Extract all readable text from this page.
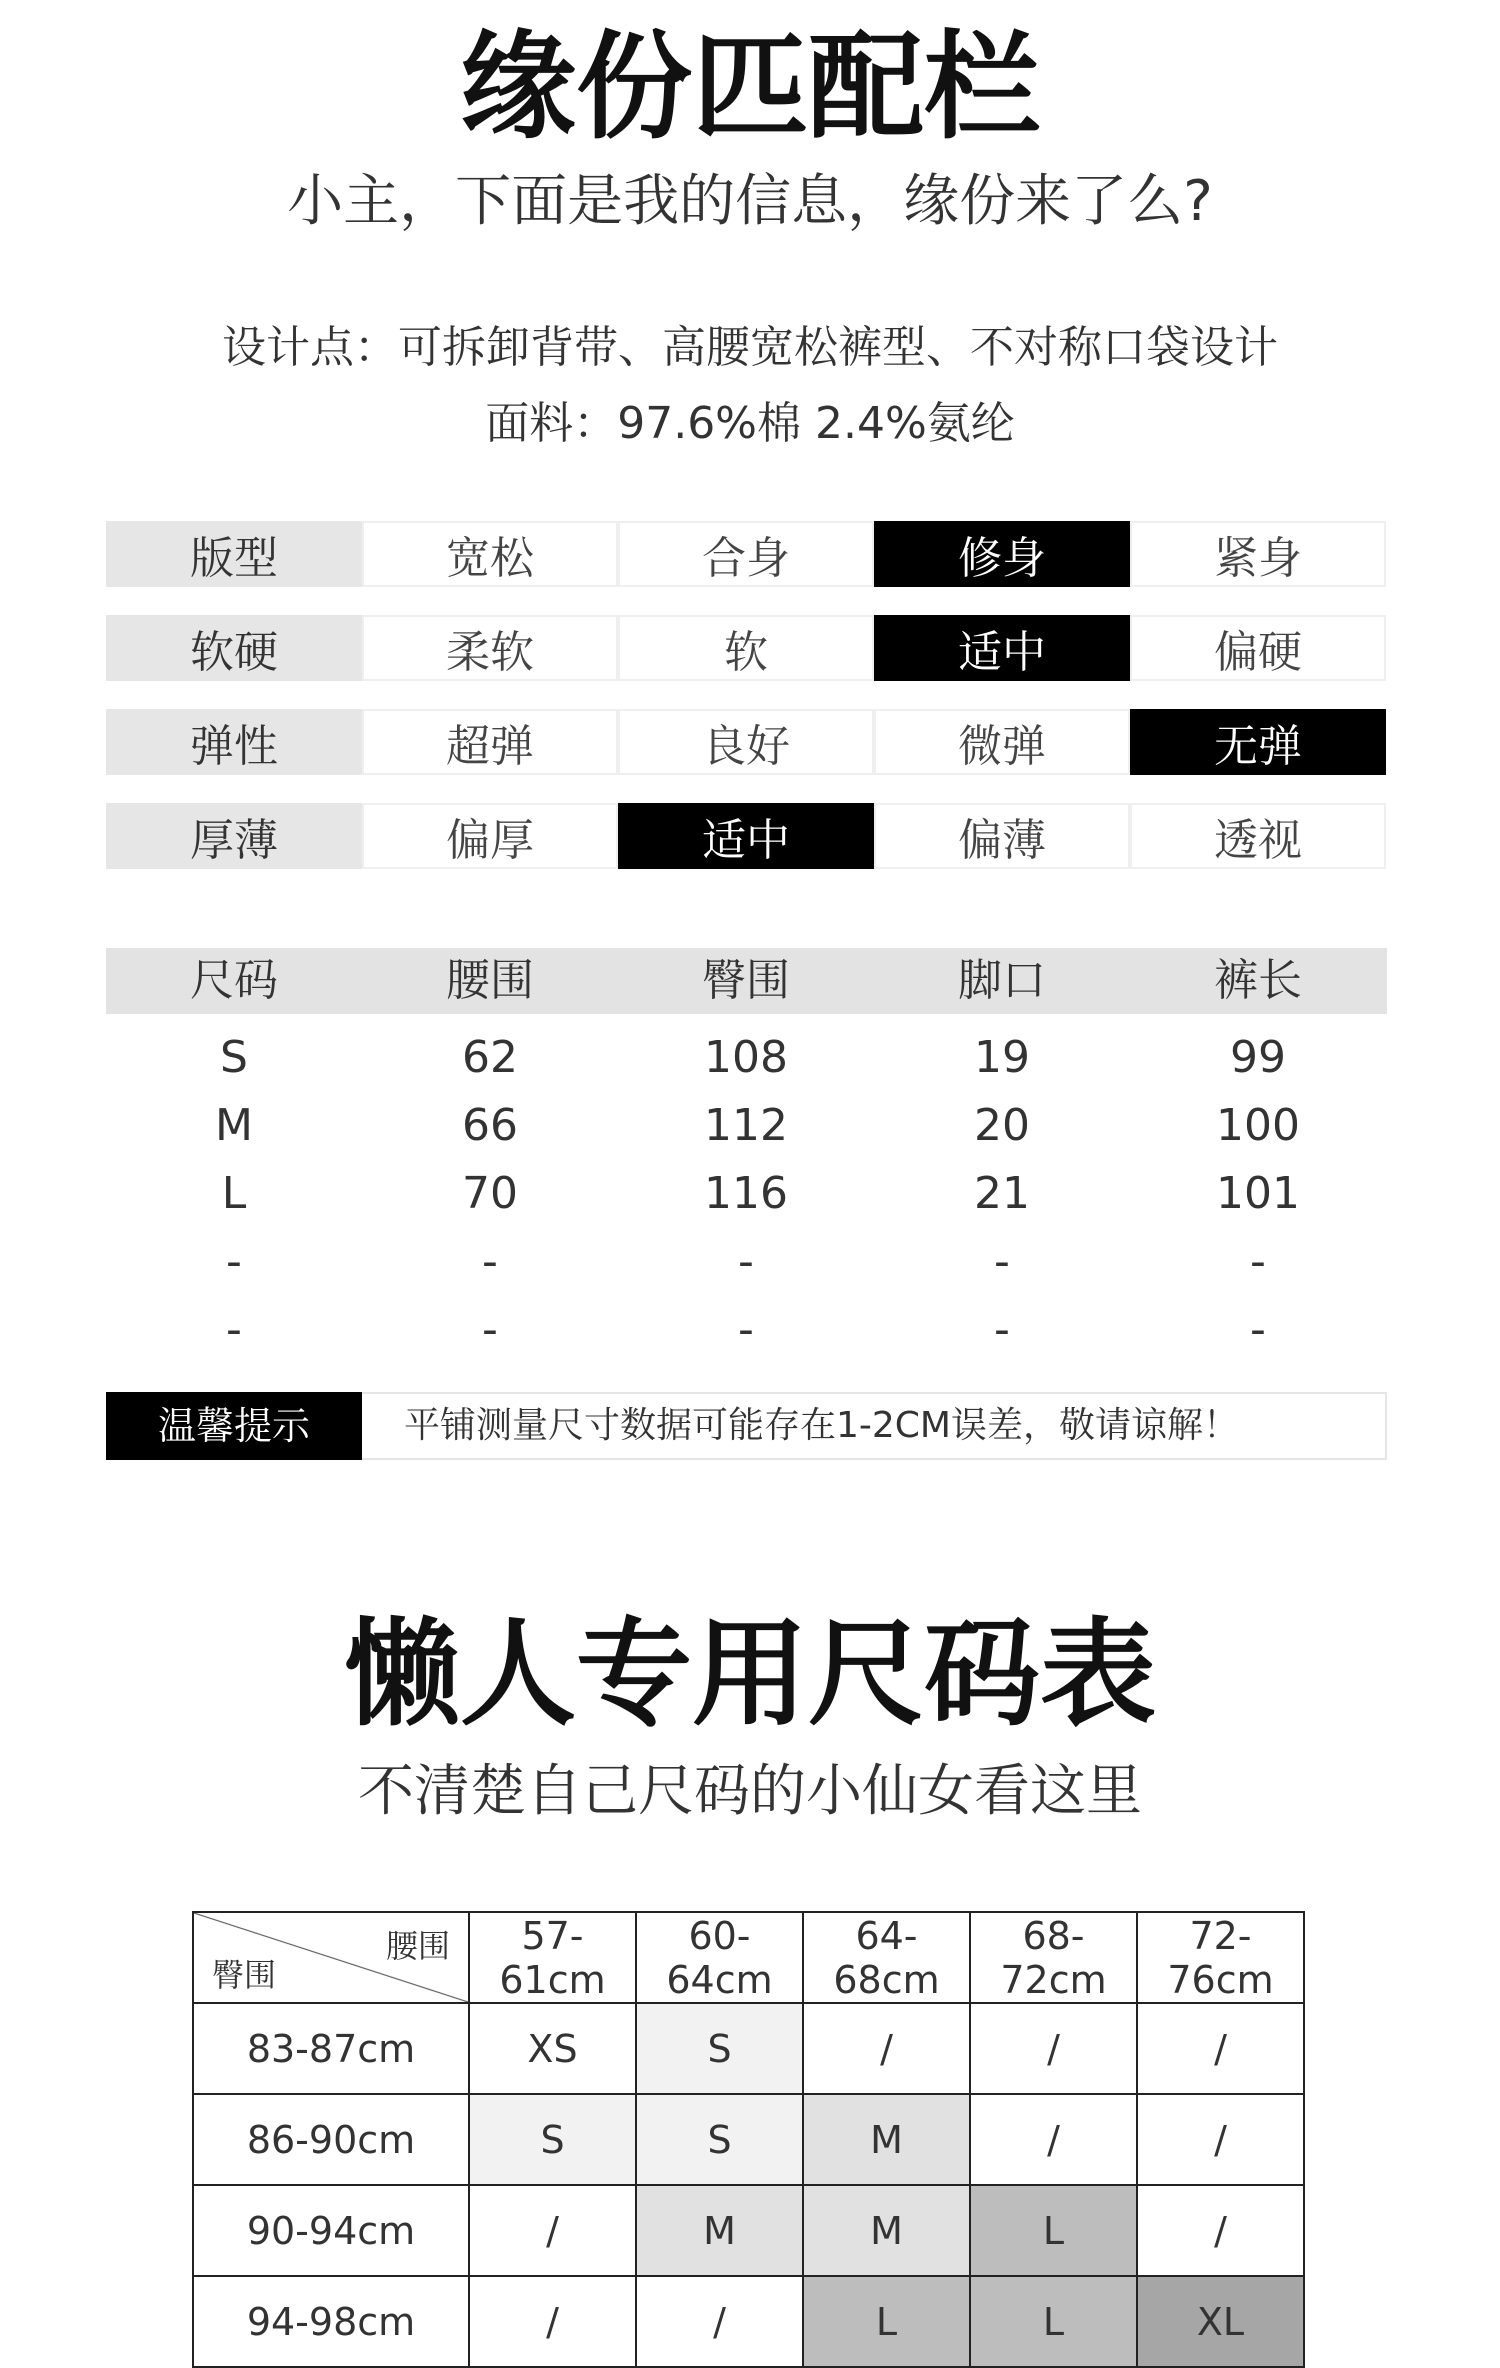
缘份匹配栏
小主，下面是我的信息，缘份来了么?
设计点：可拆卸背带、高腰宽松裤型、不对称口袋设计
面料：97.6%棉 2.4%氨纶
版型	宽松	合身	修身	紧身
软硬	柔软	软	适中	偏硬
弹性	超弹	良好	微弹	无弹
厚薄	偏厚	适中	偏薄	透视
尺码	腰围	臀围	脚口	裤长
S	62	108	19	99
M	66	112	20	100
L	70	116	21	101
-	-	-	-	-
-	-	-	-	-
温馨提示	平铺测量尺寸数据可能存在1-2CM误差，敬请谅解！
懒人专用尺码表
不清楚自己尺码的小仙女看这里
腰围
臀围	57-61cm	60-64cm	64-68cm	68-72cm	72-76cm
83-87cm	XS	S	/	/	/
86-90cm	S	S	M	/	/
90-94cm	/	M	M	L	/
94-98cm	/	/	L	L	XL
